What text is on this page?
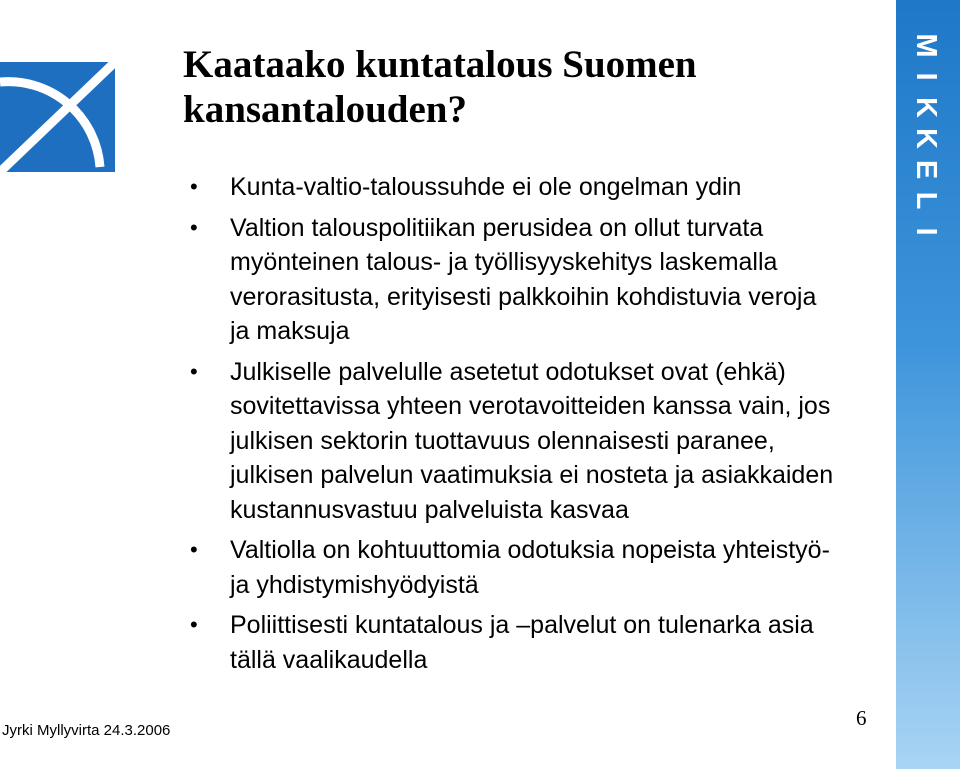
Kaataako kuntatalous Suomen kansantalouden?
• Kunta-valtio-taloussuhde ei ole ongelman ydin
• Valtion talouspolitiikan perusidea on ollut turvata myönteinen talous- ja työllisyyskehitys laskemalla verorasitusta, erityisesti palkkoihin kohdistuvia veroja ja maksuja
• Julkiselle palvelulle asetetut odotukset ovat (ehkä) sovitettavissa yhteen verotavoitteiden kanssa vain, jos julkisen sektorin tuottavuus olennaisesti paranee, julkisen palvelun vaatimuksia ei nosteta ja asiakkaiden kustannusvastuu palveluista kasvaa
• Valtiolla on kohtuuttomia odotuksia nopeista yhteistyö- ja yhdistymishyödyistä
• Poliittisesti kuntatalous ja –palvelut on tulenarka asia tällä vaalikaudella
Jyrki Myllyvirta 24.3.2006
6
M
I
K
K
E
L
I
